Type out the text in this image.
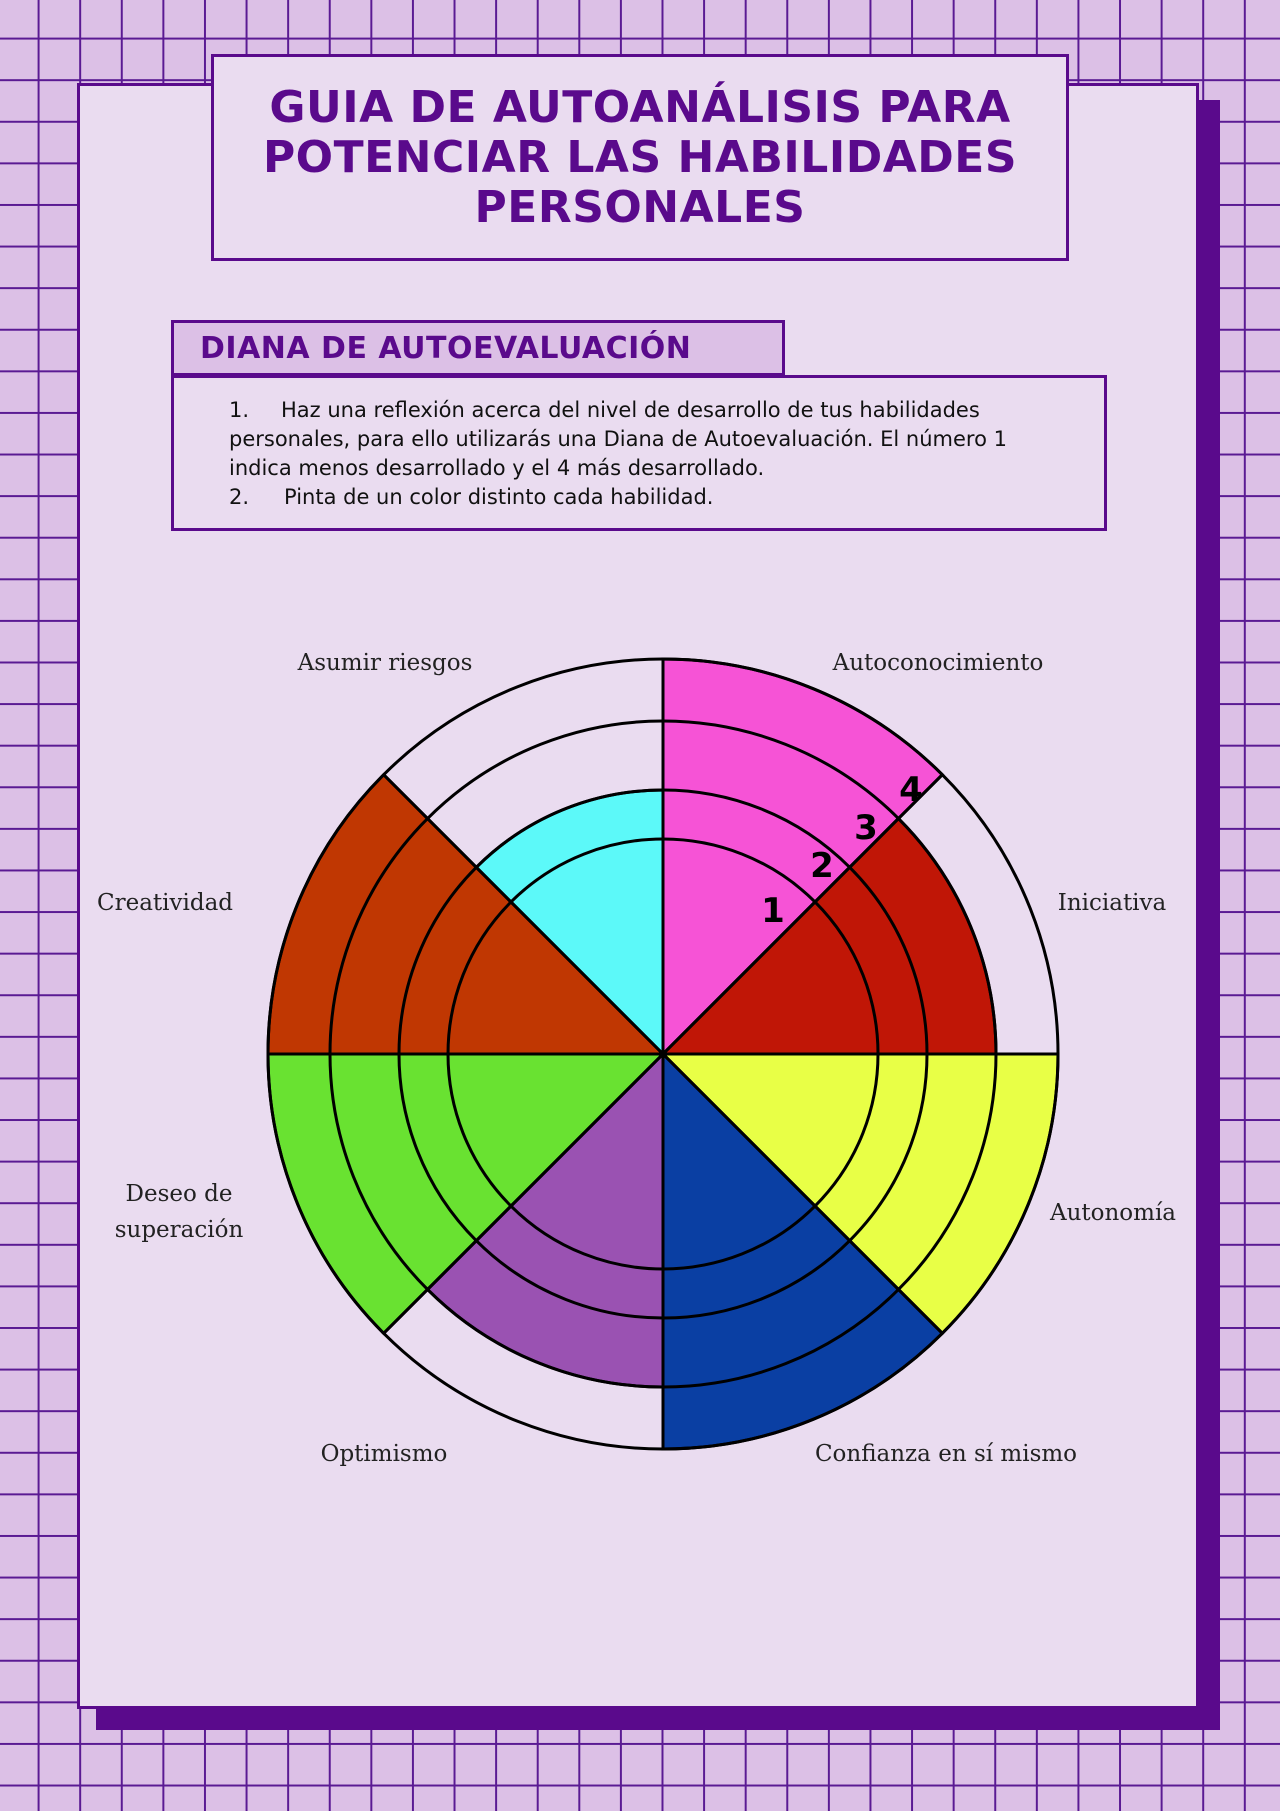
GUIA DE AUTOANÁLISIS PARA POTENCIAR LAS HABILIDADES PERSONALES
DIANA DE AUTOEVALUACIÓN

1. Haz una reflexión acerca del nivel de desarrollo de tus habilidades personales, para ello utilizarás una Diana de Autoevaluación. El número 1 indica menos desarrollado y el 4 más desarrollado.

2. Pinta de un color distinto cada habilidad.

1
2
3
4
Autoconocimiento
Iniciativa
Autonomía
Confianza en sí mismo
Optimismo
Deseo de superación
Creatividad
Asumir riesgos
